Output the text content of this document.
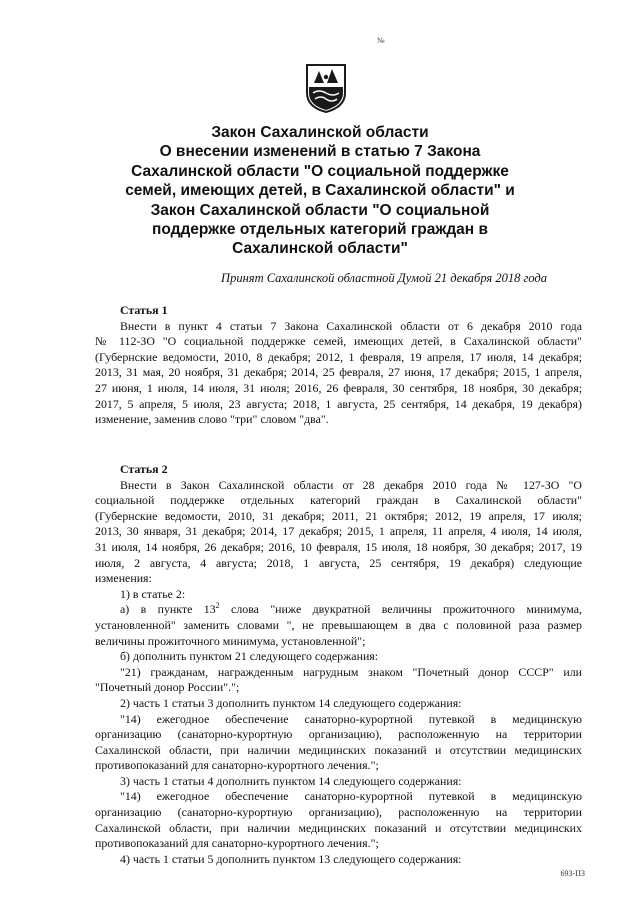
№
Закон Сахалинской области
О внесении изменений в статью 7 Закона
Сахалинской области "О социальной поддержке
семей, имеющих детей, в Сахалинской области" и
Закон Сахалинской области "О социальной
поддержке отдельных категорий граждан в
Сахалинской области"
Принят Сахалинской областной Думой 21 декабря 2018 года
Статья 1
Внести в пункт 4 статьи 7 Закона Сахалинской области от 6 декабря 2010 года
№ 112-ЗО "О социальной поддержке семей, имеющих детей, в Сахалинской области"
(Губернские ведомости, 2010, 8 декабря; 2012, 1 февраля, 19 апреля, 17 июля, 14 декабря;
2013, 31 мая, 20 ноября, 31 декабря; 2014, 25 февраля, 27 июня, 17 декабря; 2015, 1 апреля,
27 июня, 1 июля, 14 июля, 31 июля; 2016, 26 февраля, 30 сентября, 18 ноября, 30 декабря;
2017, 5 апреля, 5 июля, 23 августа; 2018, 1 августа, 25 сентября, 14 декабря, 19 декабря)
изменение, заменив слово "три" словом "два".
Статья 2
Внести в Закон Сахалинской области от 28 декабря 2010 года № 127-ЗО "О
социальной поддержке отдельных категорий граждан в Сахалинской области"
(Губернские ведомости, 2010, 31 декабря; 2011, 21 октября; 2012, 19 апреля, 17 июля;
2013, 30 января, 31 декабря; 2014, 17 декабря; 2015, 1 апреля, 11 апреля, 4 июля, 14 июля,
31 июля, 14 ноября, 26 декабря; 2016, 10 февраля, 15 июля, 18 ноября, 30 декабря; 2017, 19
июля, 2 августа, 4 августа; 2018, 1 августа, 25 сентября, 19 декабря) следующие
изменения:
1) в статье 2:
а) в пункте $13^2$ слова "ниже двукратной величины прожиточного минимума,
установленной" заменить словами ", не превышающем в два с половиной раза размер
величины прожиточного минимума, установленной";
б) дополнить пунктом 21 следующего содержания:
"21) гражданам, награжденным нагрудным знаком "Почетный донор СССР" или
"Почетный донор России".";
2) часть 1 статьи 3 дополнить пунктом 14 следующего содержания:
"14) ежегодное обеспечение санаторно-курортной путевкой в медицинскую
организацию (санаторно-курортную организацию), расположенную на территории
Сахалинской области, при наличии медицинских показаний и отсутствии медицинских
противопоказаний для санаторно-курортного лечения.";
3) часть 1 статьи 4 дополнить пунктом 14 следующего содержания:
"14) ежегодное обеспечение санаторно-курортной путевкой в медицинскую
организацию (санаторно-курортную организацию), расположенную на территории
Сахалинской области, при наличии медицинских показаний и отсутствии медицинских
противопоказаний для санаторно-курортного лечения.";
4) часть 1 статьи 5 дополнить пунктом 13 следующего содержания:
693-ПЗ
